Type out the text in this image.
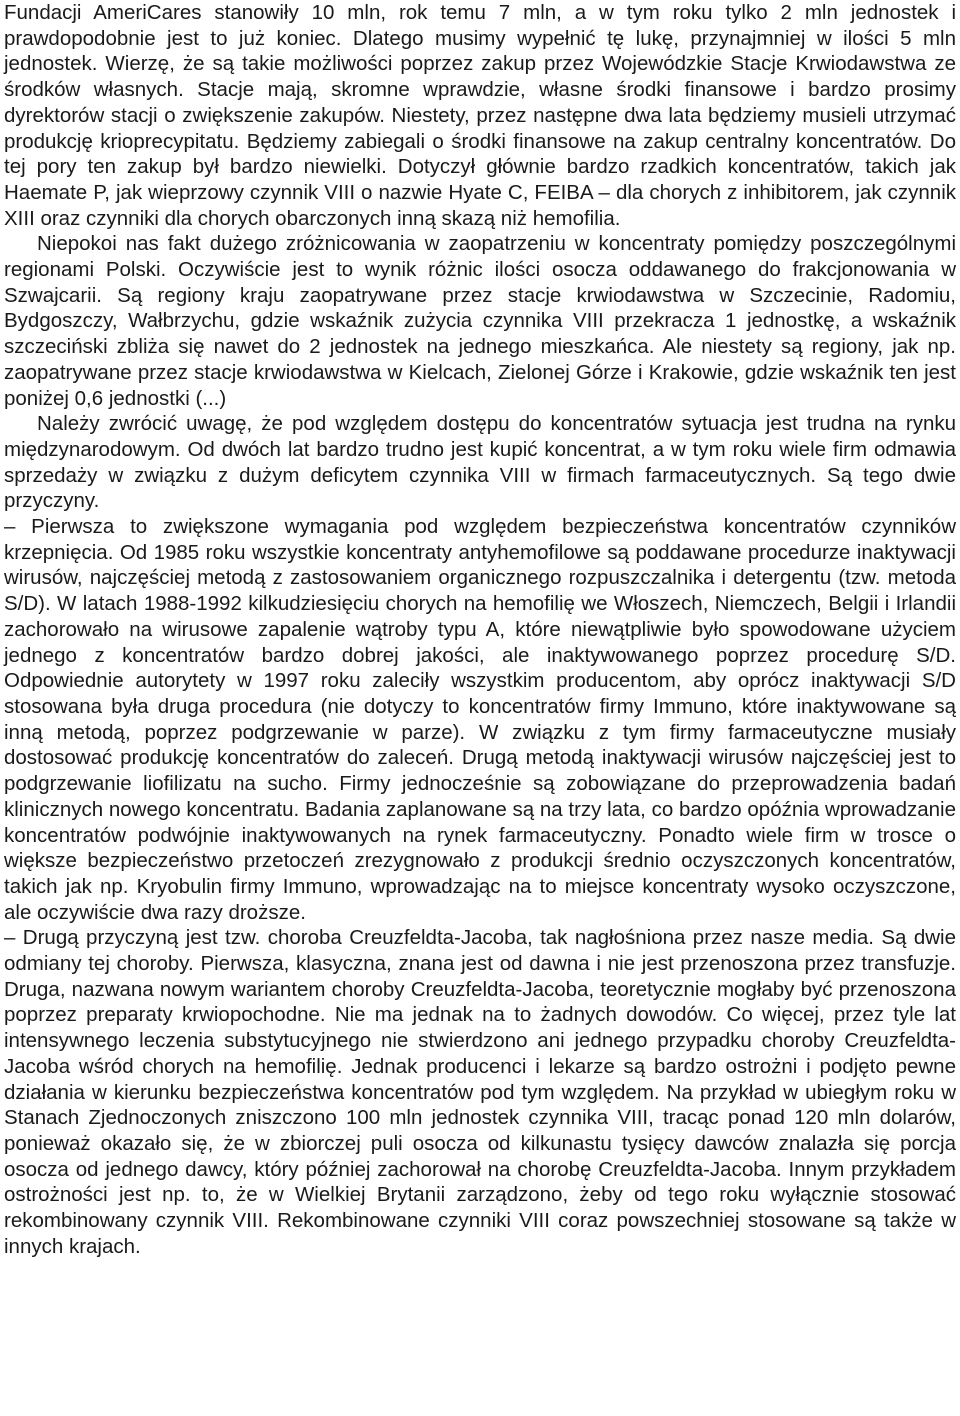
Fundacji AmeriCares stanowiły 10 mln, rok temu 7 mln, a w tym roku tylko 2 mln jednostek i prawdopodobnie jest to już koniec. Dlatego musimy wypełnić tę lukę, przynajmniej w ilości 5 mln jednostek. Wierzę, że są takie możliwości poprzez zakup przez Wojewódzkie Stacje Krwiodawstwa ze środków własnych. Stacje mają, skromne wprawdzie, własne środki finansowe i bardzo prosimy dyrektorów stacji o zwiększenie zakupów. Niestety, przez następne dwa lata będziemy musieli utrzymać produkcję krioprecypitatu. Będziemy zabiegali o środki finansowe na zakup centralny koncentratów. Do tej pory ten zakup był bardzo niewielki. Dotyczył głównie bardzo rzadkich koncentratów, takich jak Haemate P, jak wieprzowy czynnik VIII o nazwie Hyate C, FEIBA – dla chorych z inhibitorem, jak czynnik XIII oraz czynniki dla chorych obarczonych inną skazą niż hemofilia.

Niepokoi nas fakt dużego zróżnicowania w zaopatrzeniu w koncentraty pomiędzy poszczególnymi regionami Polski. Oczywiście jest to wynik różnic ilości osocza oddawanego do frakcjonowania w Szwajcarii. Są regiony kraju zaopatrywane przez stacje krwiodawstwa w Szczecinie, Radomiu, Bydgoszczy, Wałbrzychu, gdzie wskaźnik zużycia czynnika VIII przekracza 1 jednostkę, a wskaźnik szczeciński zbliża się nawet do 2 jednostek na jednego mieszkańca. Ale niestety są regiony, jak np. zaopatrywane przez stacje krwiodawstwa w Kielcach, Zielonej Górze i Krakowie, gdzie wskaźnik ten jest poniżej 0,6 jednostki (...)

Należy zwrócić uwagę, że pod względem dostępu do koncentratów sytuacja jest trudna na rynku międzynarodowym. Od dwóch lat bardzo trudno jest kupić koncentrat, a w tym roku wiele firm odmawia sprzedaży w związku z dużym deficytem czynnika VIII w firmach farmaceutycznych. Są tego dwie przyczyny.

– Pierwsza to zwiększone wymagania pod względem bezpieczeństwa koncentratów czynników krzepnięcia. Od 1985 roku wszystkie koncentraty antyhemofilowe są poddawane procedurze inaktywacji wirusów, najczęściej metodą z zastosowaniem organicznego rozpuszczalnika i detergentu (tzw. metoda S/D). W latach 1988-1992 kilkudziesięciu chorych na hemofilię we Włoszech, Niemczech, Belgii i Irlandii zachorowało na wirusowe zapalenie wątroby typu A, które niewątpliwie było spowodowane użyciem jednego z koncentratów bardzo dobrej jakości, ale inaktywowanego poprzez procedurę S/D. Odpowiednie autorytety w 1997 roku zaleciły wszystkim producentom, aby oprócz inaktywacji S/D stosowana była druga procedura (nie dotyczy to koncentratów firmy Immuno, które inaktywowane są inną metodą, poprzez podgrzewanie w parze). W związku z tym firmy farmaceutyczne musiały dostosować produkcję koncentratów do zaleceń. Drugą metodą inaktywacji wirusów najczęściej jest to podgrzewanie liofilizatu na sucho. Firmy jednocześnie są zobowiązane do przeprowadzenia badań klinicznych nowego koncentratu. Badania zaplanowane są na trzy lata, co bardzo opóźnia wprowadzanie koncentratów podwójnie inaktywowanych na rynek farmaceutyczny. Ponadto wiele firm w trosce o większe bezpieczeństwo przetoczeń zrezygnowało z produkcji średnio oczyszczonych koncentratów, takich jak np. Kryobulin firmy Immuno, wprowadzając na to miejsce koncentraty wysoko oczyszczone, ale oczywiście dwa razy droższe.

– Drugą przyczyną jest tzw. choroba Creuzfeldta-Jacoba, tak nagłośniona przez nasze media. Są dwie odmiany tej choroby. Pierwsza, klasyczna, znana jest od dawna i nie jest przenoszona przez transfuzje. Druga, nazwana nowym wariantem choroby Creuzfeldta-Jacoba, teoretycznie mogłaby być przenoszona poprzez preparaty krwiopochodne. Nie ma jednak na to żadnych dowodów. Co więcej, przez tyle lat intensywnego leczenia substytucyjnego nie stwierdzono ani jednego przypadku choroby Creuzfeldta-Jacoba wśród chorych na hemofilię. Jednak producenci i lekarze są bardzo ostrożni i podjęto pewne działania w kierunku bezpieczeństwa koncentratów pod tym względem. Na przykład w ubiegłym roku w Stanach Zjednoczonych zniszczono 100 mln jednostek czynnika VIII, tracąc ponad 120 mln dolarów, ponieważ okazało się, że w zbiorczej puli osocza od kilkunastu tysięcy dawców znalazła się porcja osocza od jednego dawcy, który później zachorował na chorobę Creuzfeldta-Jacoba. Innym przykładem ostrożności jest np. to, że w Wielkiej Brytanii zarządzono, żeby od tego roku wyłącznie stosować rekombinowany czynnik VIII. Rekombinowane czynniki VIII coraz powszechniej stosowane są także w innych krajach.
